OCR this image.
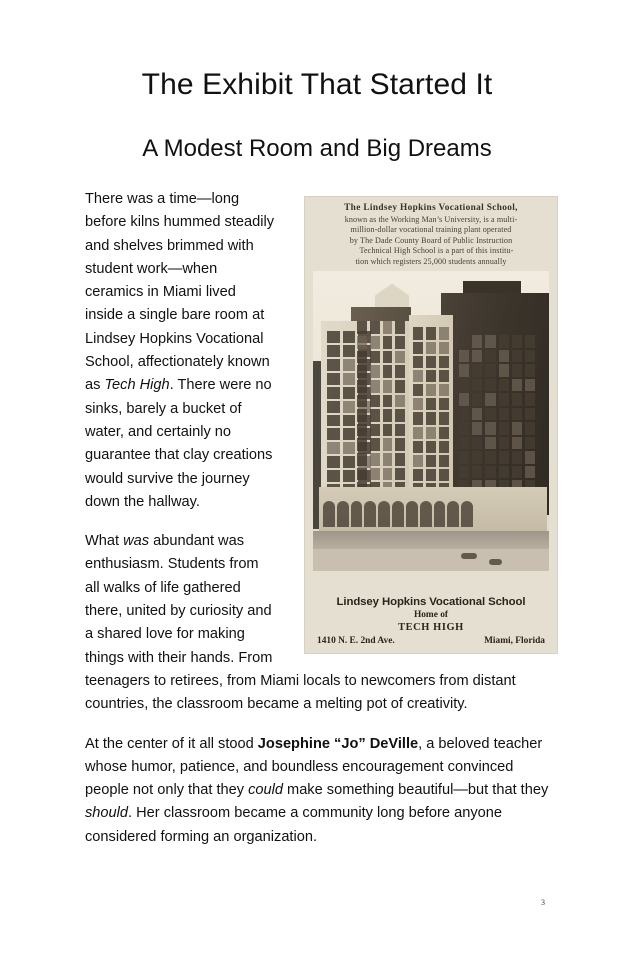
The Exhibit That Started It
A Modest Room and Big Dreams
The Lindsey Hopkins Vocational School,
known as the Working Man’s University, is a multi-
million-dollar vocational training plant operated
by The Dade County Board of Public Instruction
Technical High School is a part of this institu-
tion which registers 25,000 students annually
Lindsey Hopkins Vocational School
Home of
TECH HIGH
1410 N. E. 2nd Ave.	Miami, Florida

There was a time—long before kilns hummed steadily and shelves brimmed with student work—when ceramics in Miami lived inside a single bare room at Lindsey Hopkins Vocational School, affectionately known as Tech High. There were no sinks, barely a bucket of water, and certainly no guarantee that clay creations would survive the journey down the hallway.

What was abundant was enthusiasm. Students from all walks of life gathered there, united by curiosity and a shared love for making things with their hands. From teenagers to retirees, from Miami locals to newcomers from distant countries, the classroom became a melting pot of creativity.

At the center of it all stood Josephine “Jo” DeVille, a beloved teacher whose humor, patience, and boundless encouragement convinced people not only that they could make something beautiful—but that they should. Her classroom became a community long before anyone considered forming an organization.

3
